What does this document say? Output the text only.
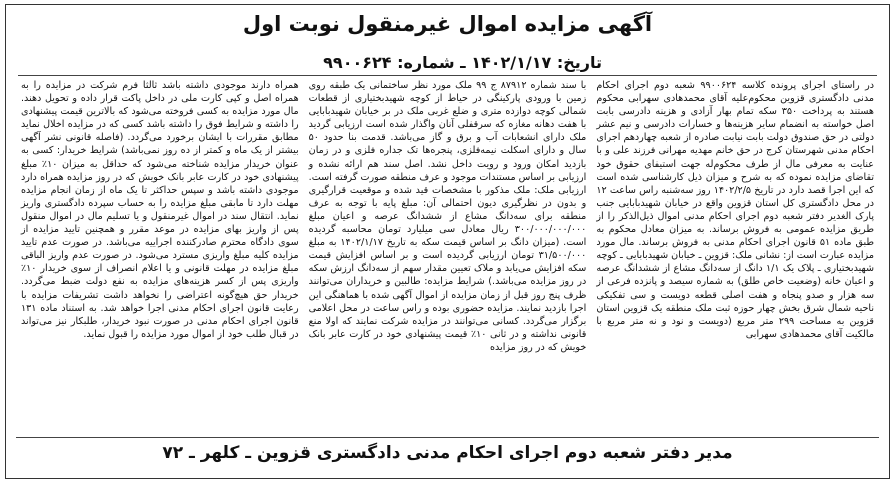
آگهی مزایده اموال غیرمنقول نوبت اول
تاریخ: ۱۴۰۲/۱/۱۷ ـ شماره: ۹۹۰۰۶۲۴

در راستای اجرای پرونده کلاسه ۹۹۰۰۶۲۴ شعبه دوم اجرای احکام مدنی دادگستری قزوین محکوم‌علیه آقای محمدهادی سهرابی محکوم هستند به پرداخت ۳۵۰ سکه تمام بهار آزادی و هزینه دادرسی بابت اصل خواسته به انضمام سایر هزینه‌ها و خسارات دادرسی و نیم عشر دولتی در حق صندوق دولت بابت نیابت صادره از شعبه چهاردهم اجرای احکام مدنی شهرستان کرج در حق خانم مهدیه مهرانی فرزند علی و با عنایت به معرفی مال از طرف محکوم‌له جهت استیفای حقوق خود تقاضای مزایده نموده که به شرح و میزان ذیل کارشناسی شده است که این اجرا قصد دارد در تاریخ ۱۴۰۲/۲/۵ روز سه‌شنبه راس ساعت ۱۲ در محل دادگستری کل استان قزوین واقع در خیابان شهیدبابایی جنب پارک الغدیر دفتر شعبه دوم اجرای احکام مدنی اموال ذیل‌الذکر را از طریق مزایده عمومی به فروش برساند. به میزان معادل محکوم به طبق ماده ۵۱ قانون اجرای احکام مدنی به فروش برساند. مال مورد مزایده عبارت است از: نشانی ملک: قزوین ـ خیابان شهیدبابایی ـ کوچه شهیدبختیاری ـ پلاک یک ۱/۱ دانگ از سه‌دانگ مشاع از ششدانگ عرصه و اعیان خانه (وضعیت خاص طلق) به شماره سیصد و پانزده فرعی از سه هزار و صدو پنجاه و هفت اصلی قطعه دویست و سی تفکیکی ناحیه شمال شرق بخش چهار حوزه ثبت ملک منطقه یک قزوین استان قزوین به مساحت ۲۹۹ متر مربع (دویست و نود و نه متر مربع با مالکیت آقای محمدهادی سهرابی

با سند شماره ۸۷۹۱۲ ج ۹۹ ملک مورد نظر ساختمانی یک طبقه روی زمین با ورودی پارکینگی در حیاط از کوچه شهیدبختیاری از قطعات شمالی کوچه دوازده متری و ضلع غربی ملک در بر خیابان شهیدبابایی با هفت دهانه مغازه که سرقفلی آنان واگذار شده است ارزیابی گردید ملک دارای انشعابات آب و برق و گاز می‌باشد. قدمت بنا حدود ۵۰ سال و دارای اسکلت نیمه‌فلزی، پنجره‌ها تک جداره فلزی و در زمان بازدید امکان ورود و رویت داخل نشد. اصل سند هم ارائه نشده و ارزیابی بر اساس مستندات موجود و عرف منطقه صورت گرفته است. ارزیابی ملک: ملک مذکور با مشخصات قید شده و موقعیت قرارگیری و بدون در نظرگیری دیون احتمالی آن: مبلغ پایه با توجه به عرف منطقه برای سه‌دانگ مشاع از ششدانگ عرصه و اعیان مبلغ ۳۰۰/۰۰۰/۰۰۰/۰۰۰ ریال معادل سی میلیارد تومان محاسبه گردیده است. (میزان دانگ بر اساس قیمت سکه به تاریخ ۱۴۰۲/۱/۱۷ به مبلغ ۳۱/۵۰۰/۰۰۰ تومان ارزیابی گردیده است و بر اساس افزایش قیمت سکه افزایش می‌یابد و ملاک تعیین مقدار سهم از سه‌دانگ ارزش سکه در روز مزایده می‌باشد.) شرایط مزایده: طالبین و خریداران می‌توانند ظرف پنج روز قبل از زمان مزایده از اموال آگهی شده با هماهنگی این اجرا بازدید نمایند. مزایده حضوری بوده و راس ساعت در محل اعلامی برگزار می‌گردد. کسانی می‌توانند در مزایده شرکت نمایند که اولا منع قانونی نداشته و در ثانی ۱۰٪ قیمت پیشنهادی خود در کارت عابر بانک خویش که در روز مزایده

همراه دارند موجودی داشته باشد ثالثا فرم شرکت در مزایده را به همراه اصل و کپی کارت ملی در داخل پاکت قرار داده و تحویل دهند. مال مورد مزایده به کسی فروخته می‌شود که بالاترین قیمت پیشنهادی را داشته و شرایط فوق را داشته باشد کسی که در مزایده اخلال نماید مطابق مقررات با ایشان برخورد می‌گردد. (فاصله قانونی نشر آگهی بیشتر از یک ماه و کمتر از ده روز نمی‌باشد) شرایط خریدار: کسی به عنوان خریدار مزایده شناخته می‌شود که حداقل به میزان ۱۰٪ مبلغ پیشنهادی خود در کارت عابر بانک خویش که در روز مزایده همراه دارد موجودی داشته باشد و سپس حداکثر تا یک ماه از زمان انجام مزایده مهلت دارد تا مابقی مبلغ مزایده را به حساب سپرده دادگستری واریز نماید. انتقال سند در اموال غیرمنقول و یا تسلیم مال در اموال منقول پس از واریز بهای مزایده در موعد مقرر و همچنین تایید مزایده از سوی دادگاه محترم صادرکننده اجراییه می‌باشد. در صورت عدم تایید مزایده کلیه مبلغ واریزی مسترد می‌شود. در صورت عدم واریز الباقی مبلغ مزایده در مهلت قانونی و یا اعلام انصراف از سوی خریدار ۱۰٪ واریزی پس از کسر هزینه‌های مزایده به نفع دولت ضبط می‌گردد. خریدار حق هیچ‌گونه اعتراضی را نخواهد داشت تشریفات مزایده با رعایت قانون اجرای احکام مدنی اجرا خواهد شد. به استناد ماده ۱۳۱ قانون اجرای احکام مدنی در صورت نبود خریدار، طلبکار نیز می‌تواند در قبال طلب خود از اموال مورد مزایده را قبول نماید.

مدیر دفتر شعبه دوم اجرای احکام مدنی دادگستری قزوین ـ کلهر ـ ۷۲
